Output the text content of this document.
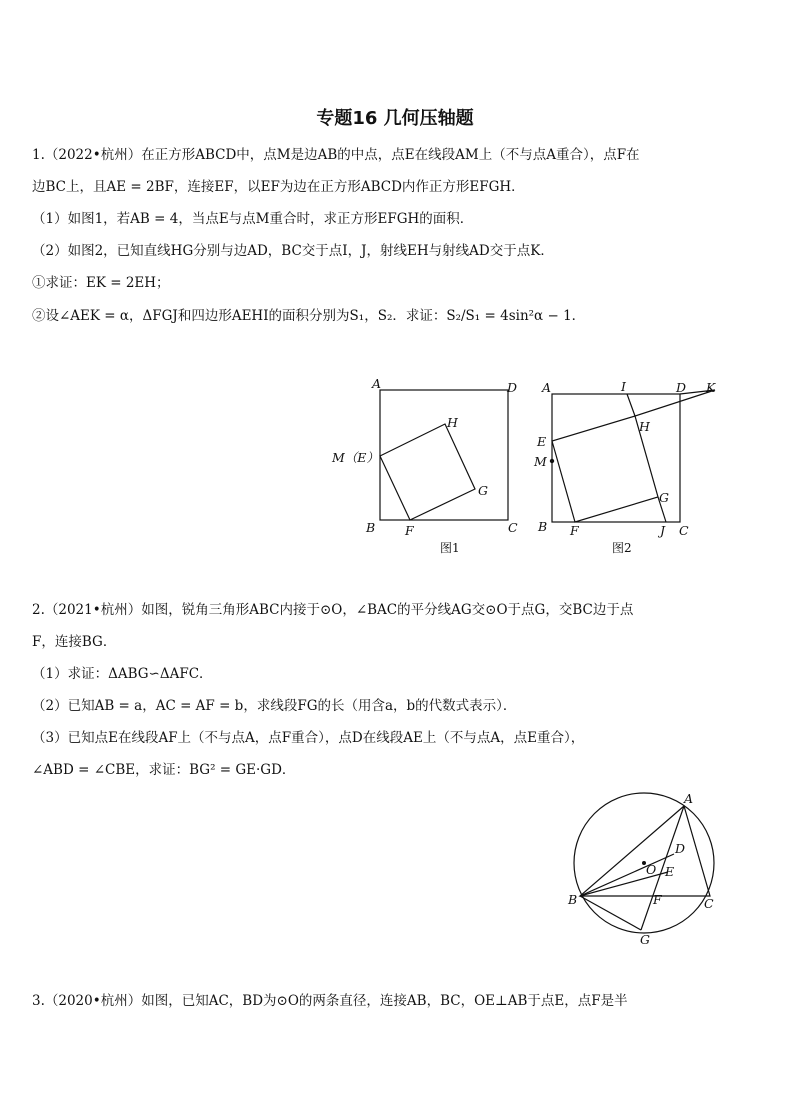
专题16 几何压轴题
1.（2022•杭州）在正方形ABCD中，点M是边AB的中点，点E在线段AM上（不与点A重合），点F在
边BC上，且AE = 2BF，连接EF，以EF为边在正方形ABCD内作正方形EFGH．
（1）如图1，若AB = 4，当点E与点M重合时，求正方形EFGH的面积．
（2）如图2，已知直线HG分别与边AD，BC交于点I，J，射线EH与射线AD交于点K．
①求证：EK = 2EH；
②设∠AEK = α，ΔFGJ和四边形AEHI的面积分别为S₁，S₂．求证：S₂/S₁ = 4sin²α − 1．
A	D
B	C
H
G
F
M（E）
图1
A	I	D K
E
M
H
G
B F	J C
图2
2.（2021•杭州）如图，锐角三角形ABC内接于⊙O，∠BAC的平分线AG交⊙O于点G，交BC边于点
F，连接BG．
（1）求证：ΔABG∽ΔAFC．
（2）已知AB = a，AC = AF = b，求线段FG的长（用含a，b的代数式表示）．
（3）已知点E在线段AF上（不与点A，点F重合），点D在线段AE上（不与点A，点E重合），
∠ABD = ∠CBE，求证：BG² = GE·GD．
A
D
O E
B	F	C
G
3.（2020•杭州）如图，已知AC，BD为⊙O的两条直径，连接AB，BC，OE⊥AB于点E，点F是半
